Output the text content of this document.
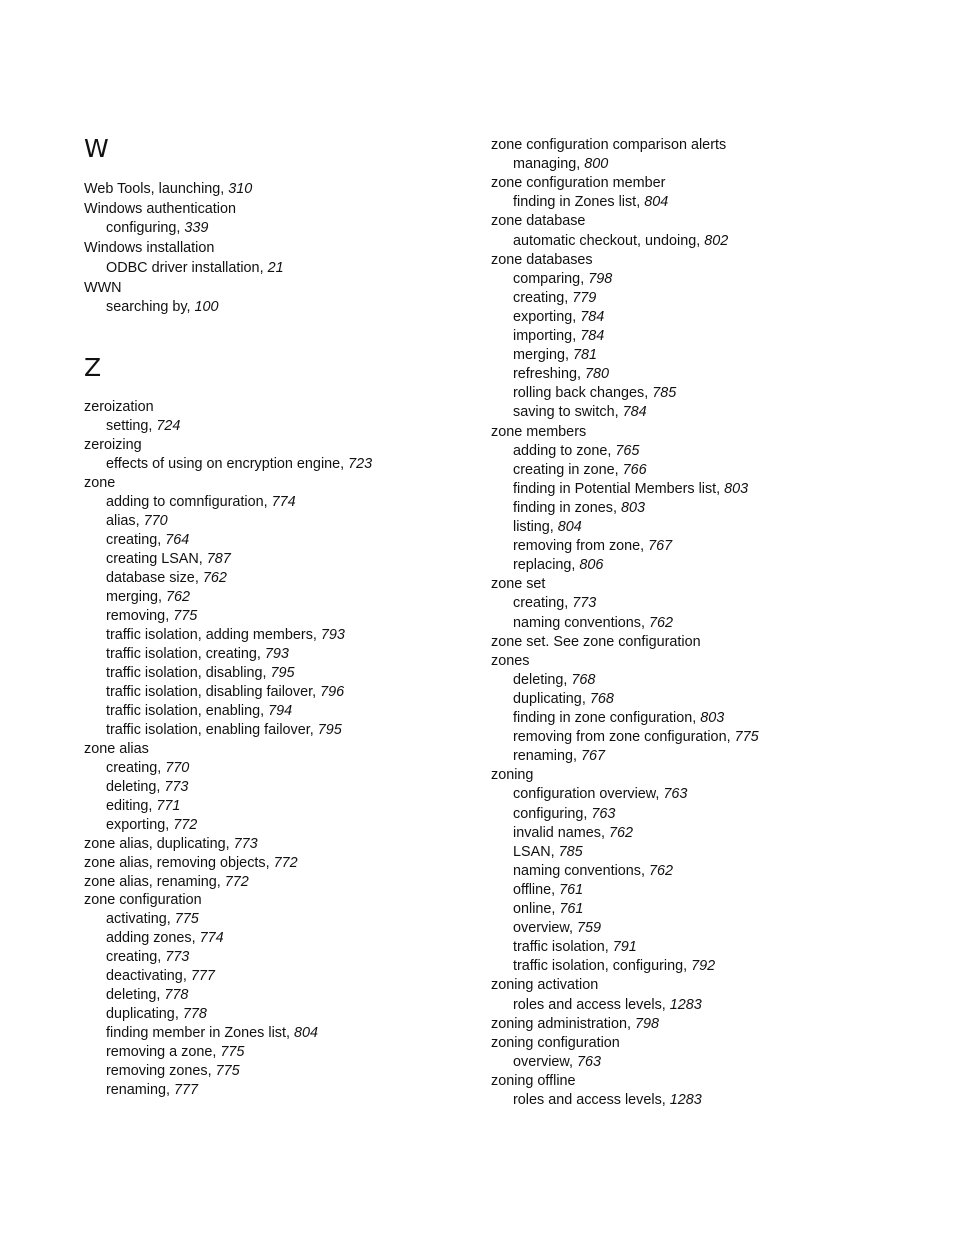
W
Web Tools, launching, 310
Windows authentication
configuring, 339
Windows installation
ODBC driver installation, 21
WWN
searching by, 100
Z
zeroization
setting, 724
zeroizing
effects of using on encryption engine, 723
zone
adding to comnfiguration, 774
alias, 770
creating, 764
creating LSAN, 787
database size, 762
merging, 762
removing, 775
traffic isolation, adding members, 793
traffic isolation, creating, 793
traffic isolation, disabling, 795
traffic isolation, disabling failover, 796
traffic isolation, enabling, 794
traffic isolation, enabling failover, 795
zone alias
creating, 770
deleting, 773
editing, 771
exporting, 772
zone alias, duplicating, 773
zone alias, removing objects, 772
zone alias, renaming, 772
zone configuration
activating, 775
adding zones, 774
creating, 773
deactivating, 777
deleting, 778
duplicating, 778
finding member in Zones list, 804
removing a zone, 775
removing zones, 775
renaming, 777
zone configuration comparison alerts
managing, 800
zone configuration member
finding in Zones list, 804
zone database
automatic checkout, undoing, 802
zone databases
comparing, 798
creating, 779
exporting, 784
importing, 784
merging, 781
refreshing, 780
rolling back changes, 785
saving to switch, 784
zone members
adding to zone, 765
creating in zone, 766
finding in Potential Members list, 803
finding in zones, 803
listing, 804
removing from zone, 767
replacing, 806
zone set
creating, 773
naming conventions, 762
zone set. See zone configuration
zones
deleting, 768
duplicating, 768
finding in zone configuration, 803
removing from zone configuration, 775
renaming, 767
zoning
configuration overview, 763
configuring, 763
invalid names, 762
LSAN, 785
naming conventions, 762
offline, 761
online, 761
overview, 759
traffic isolation, 791
traffic isolation, configuring, 792
zoning activation
roles and access levels, 1283
zoning administration, 798
zoning configuration
overview, 763
zoning offline
roles and access levels, 1283
